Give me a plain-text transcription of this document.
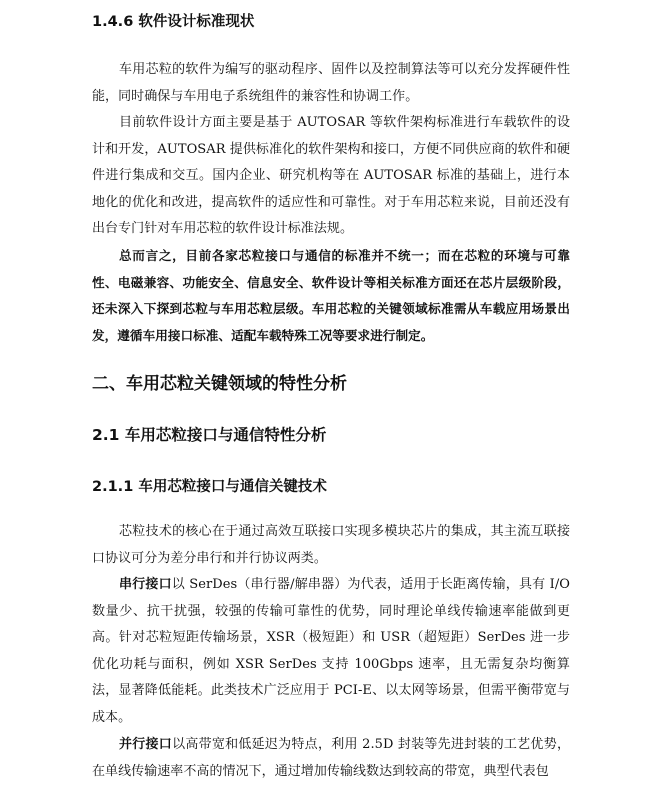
1.4.6 软件设计标准现状

车用芯粒的软件为编写的驱动程序、固件以及控制算法等可以充分发挥硬件性能，同时确保与车用电子系统组件的兼容性和协调工作。

目前软件设计方面主要是基于 AUTOSAR 等软件架构标准进行车载软件的设计和开发，AUTOSAR 提供标准化的软件架构和接口，方便不同供应商的软件和硬件进行集成和交互。国内企业、研究机构等在 AUTOSAR 标准的基础上，进行本地化的优化和改进，提高软件的适应性和可靠性。对于车用芯粒来说，目前还没有出台专门针对车用芯粒的软件设计标准法规。

总而言之，目前各家芯粒接口与通信的标准并不统一；而在芯粒的环境与可靠性、电磁兼容、功能安全、信息安全、软件设计等相关标准方面还在芯片层级阶段，还未深入下探到芯粒与车用芯粒层级。车用芯粒的关键领域标准需从车载应用场景出发，遵循车用接口标准、适配车载特殊工况等要求进行制定。

二、车用芯粒关键领域的特性分析
2.1 车用芯粒接口与通信特性分析
2.1.1 车用芯粒接口与通信关键技术

芯粒技术的核心在于通过高效互联接口实现多模块芯片的集成，其主流互联接口协议可分为差分串行和并行协议两类。

串行接口以 SerDes（串行器/解串器）为代表，适用于长距离传输，具有 I/O 数量少、抗干扰强，较强的传输可靠性的优势，同时理论单线传输速率能做到更高。针对芯粒短距传输场景，XSR（极短距）和 USR（超短距）SerDes 进一步优化功耗与面积，例如 XSR SerDes 支持 100Gbps 速率，且无需复杂均衡算法，显著降低能耗。此类技术广泛应用于 PCI-E、以太网等场景，但需平衡带宽与成本。

并行接口以高带宽和低延迟为特点，利用 2.5D 封装等先进封装的工艺优势，在单线传输速率不高的情况下，通过增加传输线数达到较高的带宽，典型代表包
